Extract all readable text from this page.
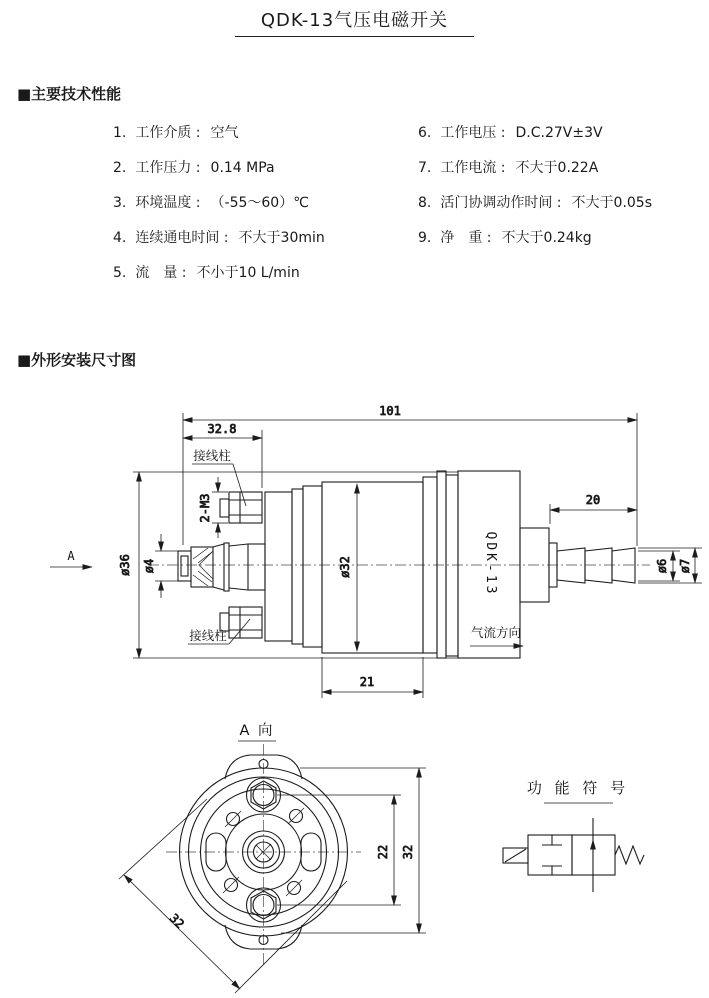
QDK-13气压电磁开关
■主要技术性能
1. 工作介质 : 空气
2. 工作压力 : 0.14 MPa
3. 环境温度 : （-55～60）℃
4. 连续通电时间 : 不大于30min
5. 流　量 : 不小于10 L/min
6. 工作电压 : D.C.27V±3V
7. 工作电流 : 不大于0.22A
8. 活门协调动作时间 : 不大于0.05s
9. 净　重 : 不大于0.24kg
■外形安装尺寸图
A
101
32.8
ø36	ø32
ø4
2-M3	20
21
ø6 ø7
接线柱
接线柱
QDK-13
气流方向
A 向
22 32
32
功 能 符 号
